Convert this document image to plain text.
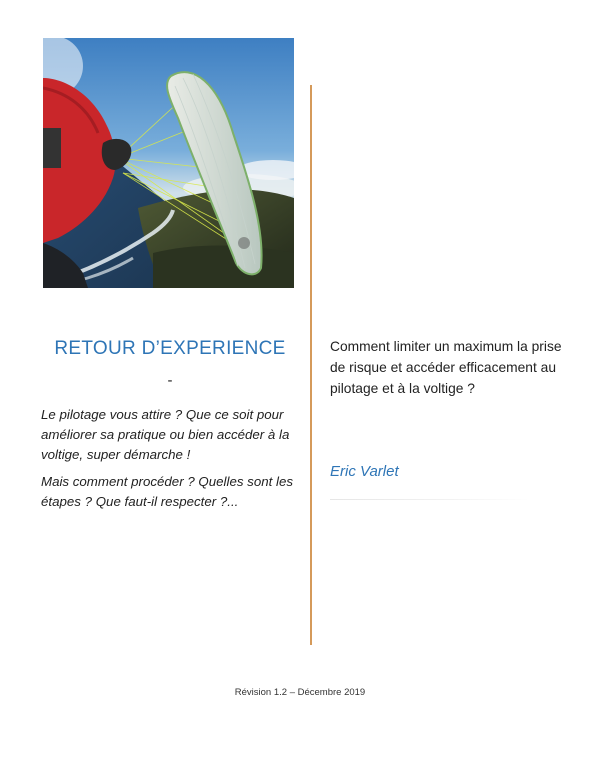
RETOUR D’EXPERIENCE
-

Le pilotage vous attire ? Que ce soit pour améliorer sa pratique ou bien accéder à la voltige, super démarche !

Mais comment procéder ? Quelles sont les étapes ? Que faut-il respecter ?...

Comment limiter un maximum la prise de risque et accéder efficacement au pilotage et à la voltige ?
Eric Varlet
Révision 1.2 – Décembre 2019
